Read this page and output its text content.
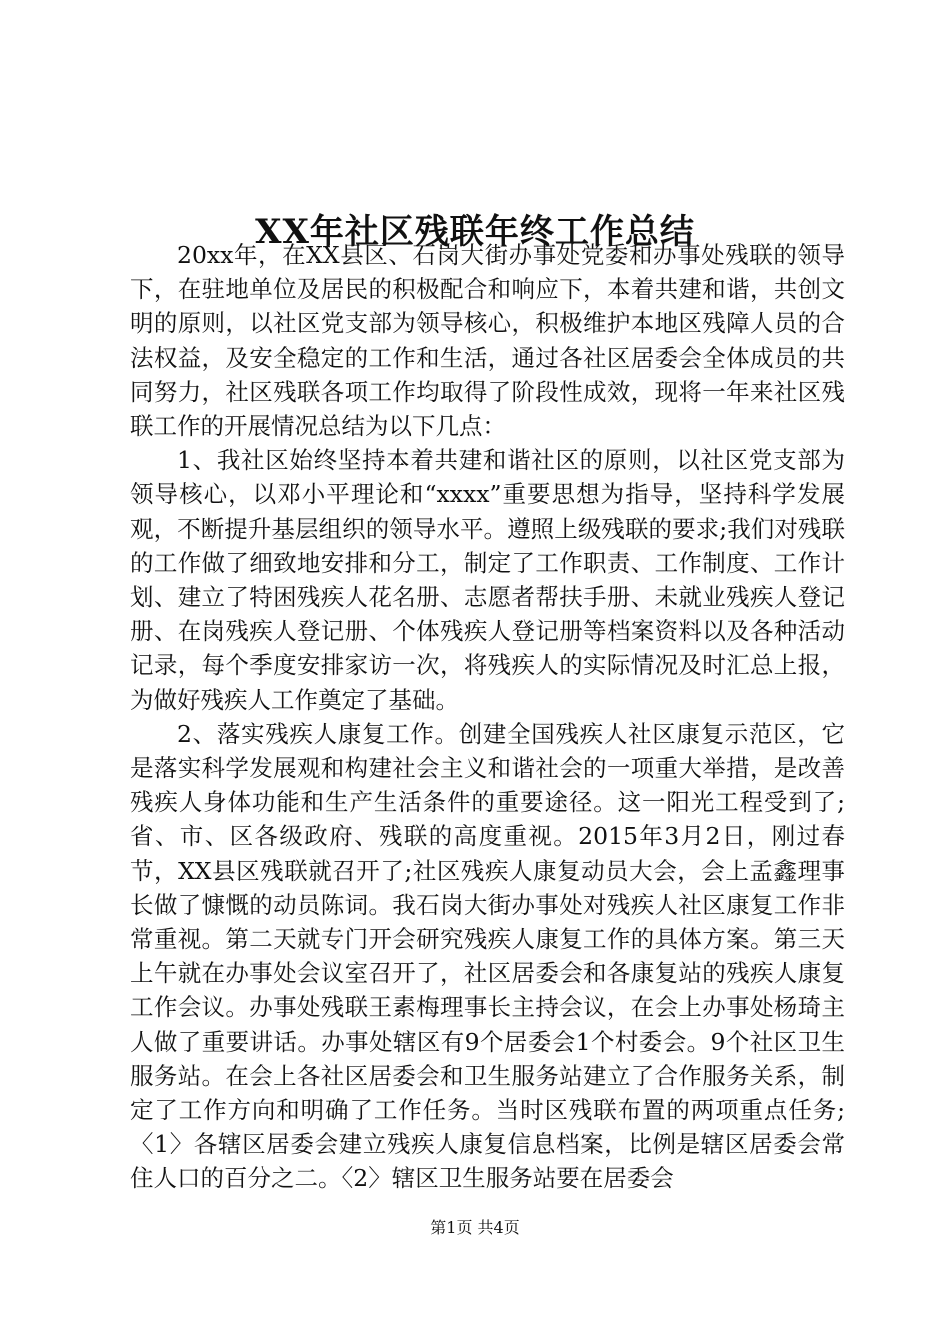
XX年社区残联年终工作总结

20xx年，在XX县区、石岗大街办事处党委和办事处残联的领导下，在驻地单位及居民的积极配合和响应下，本着共建和谐，共创文明的原则，以社区党支部为领导核心，积极维护本地区残障人员的合法权益，及安全稳定的工作和生活，通过各社区居委会全体成员的共同努力，社区残联各项工作均取得了阶段性成效，现将一年来社区残联工作的开展情况总结为以下几点：

1、我社区始终坚持本着共建和谐社区的原则，以社区党支部为领导核心，以邓小平理论和“xxxx”重要思想为指导，坚持科学发展观，不断提升基层组织的领导水平。遵照上级残联的要求;我们对残联的工作做了细致地安排和分工，制定了工作职责、工作制度、工作计划、建立了特困残疾人花名册、志愿者帮扶手册、未就业残疾人登记册、在岗残疾人登记册、个体残疾人登记册等档案资料以及各种活动记录，每个季度安排家访一次，将残疾人的实际情况及时汇总上报，为做好残疾人工作奠定了基础。

2、落实残疾人康复工作。创建全国残疾人社区康复示范区，它是落实科学发展观和构建社会主义和谐社会的一项重大举措，是改善残疾人身体功能和生产生活条件的重要途径。这一阳光工程受到了;省、市、区各级政府、残联的高度重视。2015年3月2日，刚过春节，XX县区残联就召开了;社区残疾人康复动员大会，会上孟鑫理事长做了慷慨的动员陈词。我石岗大街办事处对残疾人社区康复工作非常重视。第二天就专门开会研究残疾人康复工作的具体方案。第三天上午就在办事处会议室召开了，社区居委会和各康复站的残疾人康复工作会议。办事处残联王素梅理事长主持会议，在会上办事处杨琦主人做了重要讲话。办事处辖区有9个居委会1个村委会。9个社区卫生服务站。在会上各社区居委会和卫生服务站建立了合作服务关系，制定了工作方向和明确了工作任务。当时区残联布置的两项重点任务;〈1〉各辖区居委会建立残疾人康复信息档案，比例是辖区居委会常住人口的百分之二。〈2〉辖区卫生服务站要在居委会

第1页 共4页
